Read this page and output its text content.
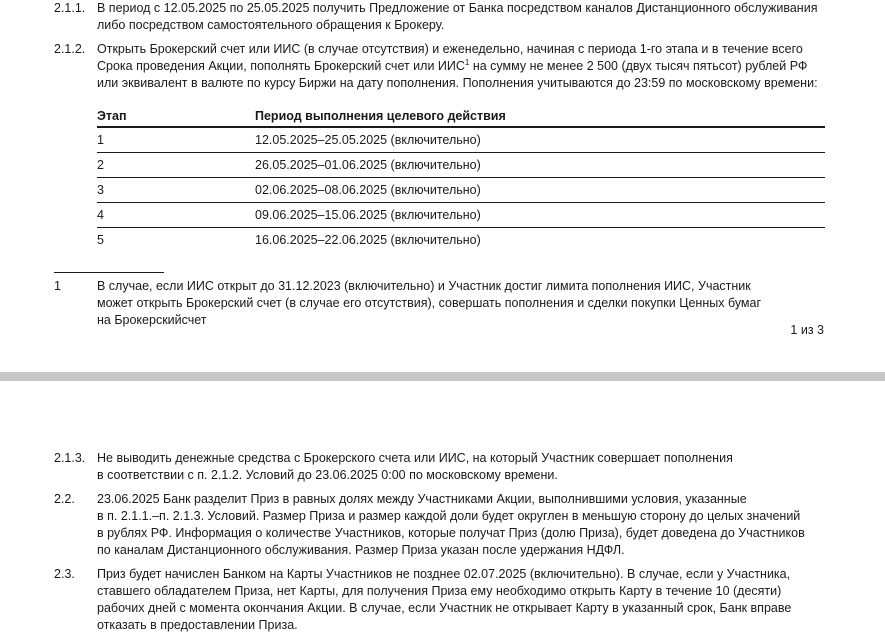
2.1.1. В период с 12.05.2025 по 25.05.2025 получить Предложение от Банка посредством каналов Дистанционного обслуживания
либо посредством самостоятельного обращения к Брокеру.
2.1.2. Открыть Брокерский счет или ИИС (в случае отсутствия) и еженедельно, начиная с периода 1-го этапа и в течение всего
Срока проведения Акции, пополнять Брокерский счет или ИИС$^1$ на сумму не менее 2 500 (двух тысяч пятьсот) рублей РФ
или эквивалент в валюте по курсу Биржи на дату пополнения. Пополнения учитываются до 23:59 по московскому времени:
Этап	Период выполнения целевого действия
1	12.05.2025–25.05.2025 (включительно)
2	26.05.2025–01.06.2025 (включительно)
3	02.06.2025–08.06.2025 (включительно)
4	09.06.2025–15.06.2025 (включительно)
5	16.06.2025–22.06.2025 (включительно)
1	В случае, если ИИС открыт до 31.12.2023 (включительно) и Участник достиг лимита пополнения ИИС, Участник
может открыть Брокерский счет (в случае его отсутствия), совершать пополнения и сделки покупки Ценных бумаг
на Брокерскийсчет
1 из 3
2.1.3. Не выводить денежные средства с Брокерского счета или ИИС, на который Участник совершает пополнения
в соответствии с п. 2.1.2. Условий до 23.06.2025 0:00 по московскому времени.
2.2.	23.06.2025 Банк разделит Приз в равных долях между Участниками Акции, выполнившими условия, указанные
в п. 2.1.1.–п. 2.1.3. Условий. Размер Приза и размер каждой доли будет округлен в меньшую сторону до целых значений
в рублях РФ. Информация о количестве Участников, которые получат Приз (долю Приза), будет доведена до Участников
по каналам Дистанционного обслуживания. Размер Приза указан после удержания НДФЛ.
2.3.	Приз будет начислен Банком на Карты Участников не позднее 02.07.2025 (включительно). В случае, если у Участника,
ставшего обладателем Приза, нет Карты, для получения Приза ему необходимо открыть Карту в течение 10 (десяти)
рабочих дней с момента окончания Акции. В случае, если Участник не открывает Карту в указанный срок, Банк вправе
отказать в предоставлении Приза.
